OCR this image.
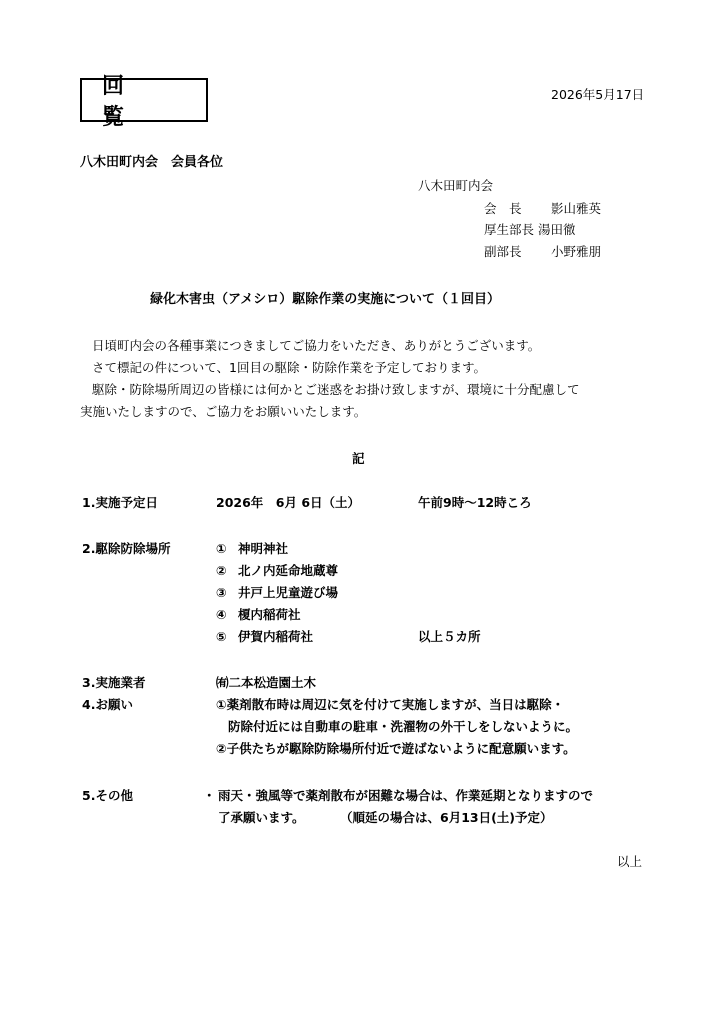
回　覧
2026年5月17日
八木田町内会　会員各位
八木田町内会
会　長 影山雅英
厚生部長 湯田徹
副部長 小野雅朋
緑化木害虫（アメシロ）駆除作業の実施について（１回目）
日頃町内会の各種事業につきましてご協力をいただき、ありがとうございます。
さて標記の件について、1回目の駆除・防除作業を予定しております。
駆除・防除場所周辺の皆様には何かとご迷惑をお掛け致しますが、環境に十分配慮して
実施いたしますので、ご協力をお願いいたします。
記
1.実施予定日	2026年　6月 6日（土）	午前9時～12時ころ
2.駆除防除場所	① 神明神社
② 北ノ内延命地蔵尊
③ 井戸上児童遊び場
④ 榎内稲荷社
⑤ 伊賀内稲荷社	以上５カ所
3.実施業者	㈲二本松造園土木
4.お願い	①薬剤散布時は周辺に気を付けて実施しますが、当日は駆除・
防除付近には自動車の駐車・洗濯物の外干しをしないように。
②子供たちが駆除防除場所付近で遊ばないように配意願います。
5.その他	・ 雨天・強風等で薬剤散布が困難な場合は、作業延期となりますので
了承願います。	（順延の場合は、6月13日(土)予定）
以上
